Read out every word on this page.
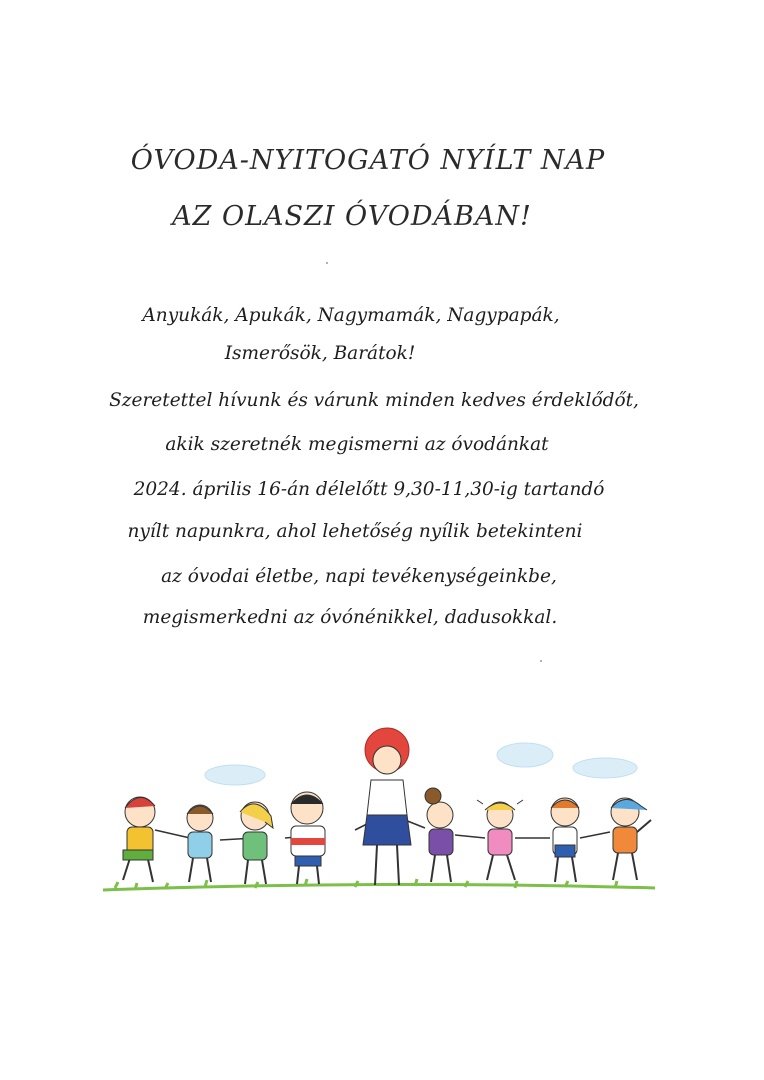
ÓVODA-NYITOGATÓ NYÍLT NAP
AZ OLASZI ÓVODÁBAN!
Anyukák, Apukák, Nagymamák, Nagypapák,
Ismerősök, Barátok!
Szeretettel hívunk és várunk minden kedves érdeklődőt,
akik szeretnék megismerni az óvodánkat
2024. április 16-án délelőtt 9,30-11,30-ig tartandó
nyílt napunkra, ahol lehetőség nyílik betekinteni
az óvodai életbe, napi tevékenységeinkbe,
megismerkedni az óvónénikkel, dadusokkal.
